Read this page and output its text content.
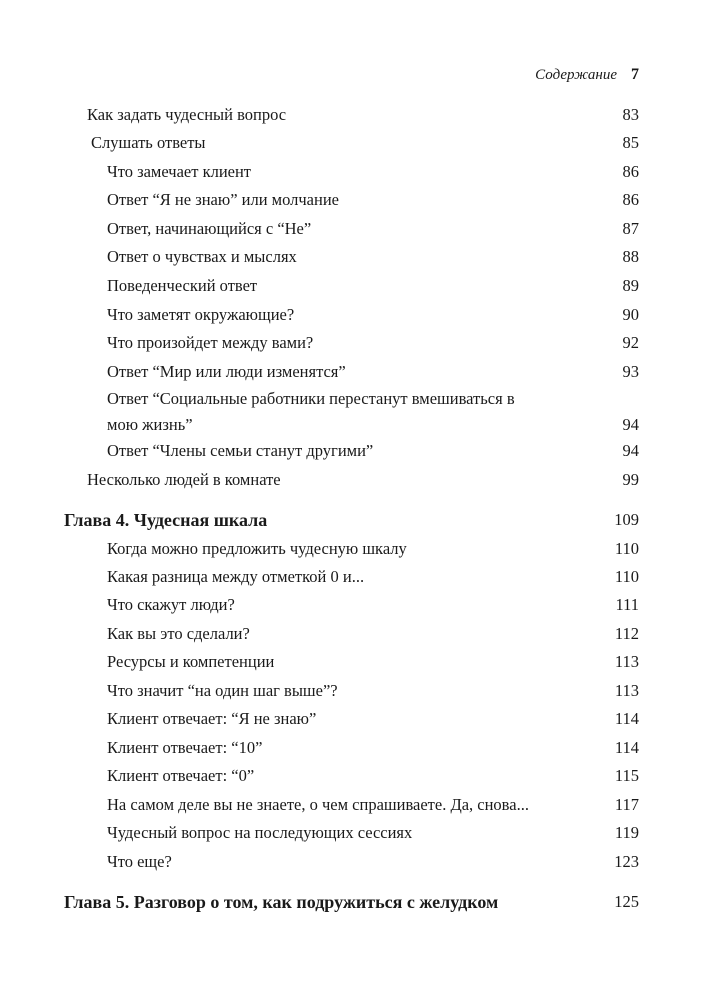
Содержание 7
Как задать чудесный вопрос	83
Слушать ответы	85
Что замечает клиент	86
Ответ “Я не знаю” или молчание	86
Ответ, начинающийся с “Не”	87
Ответ о чувствах и мыслях	88
Поведенческий ответ	89
Что заметят окружающие?	90
Что произойдет между вами?	92
Ответ “Мир или люди изменятся”	93
Ответ “Социальные работники перестанут вмешиваться в мою жизнь”	94
Ответ “Члены семьи станут другими”	94
Несколько людей в комнате	99
Глава 4. Чудесная шкала	109
Когда можно предложить чудесную шкалу	110
Какая разница между отметкой 0 и...	110
Что скажут люди?	111
Как вы это сделали?	112
Ресурсы и компетенции	113
Что значит “на один шаг выше”?	113
Клиент отвечает: “Я не знаю”	114
Клиент отвечает: “10”	114
Клиент отвечает: “0”	115
На самом деле вы не знаете, о чем спрашиваете. Да, снова...	117
Чудесный вопрос на последующих сессиях	119
Что еще?	123
Глава 5. Разговор о том, как подружиться с желудком	125
